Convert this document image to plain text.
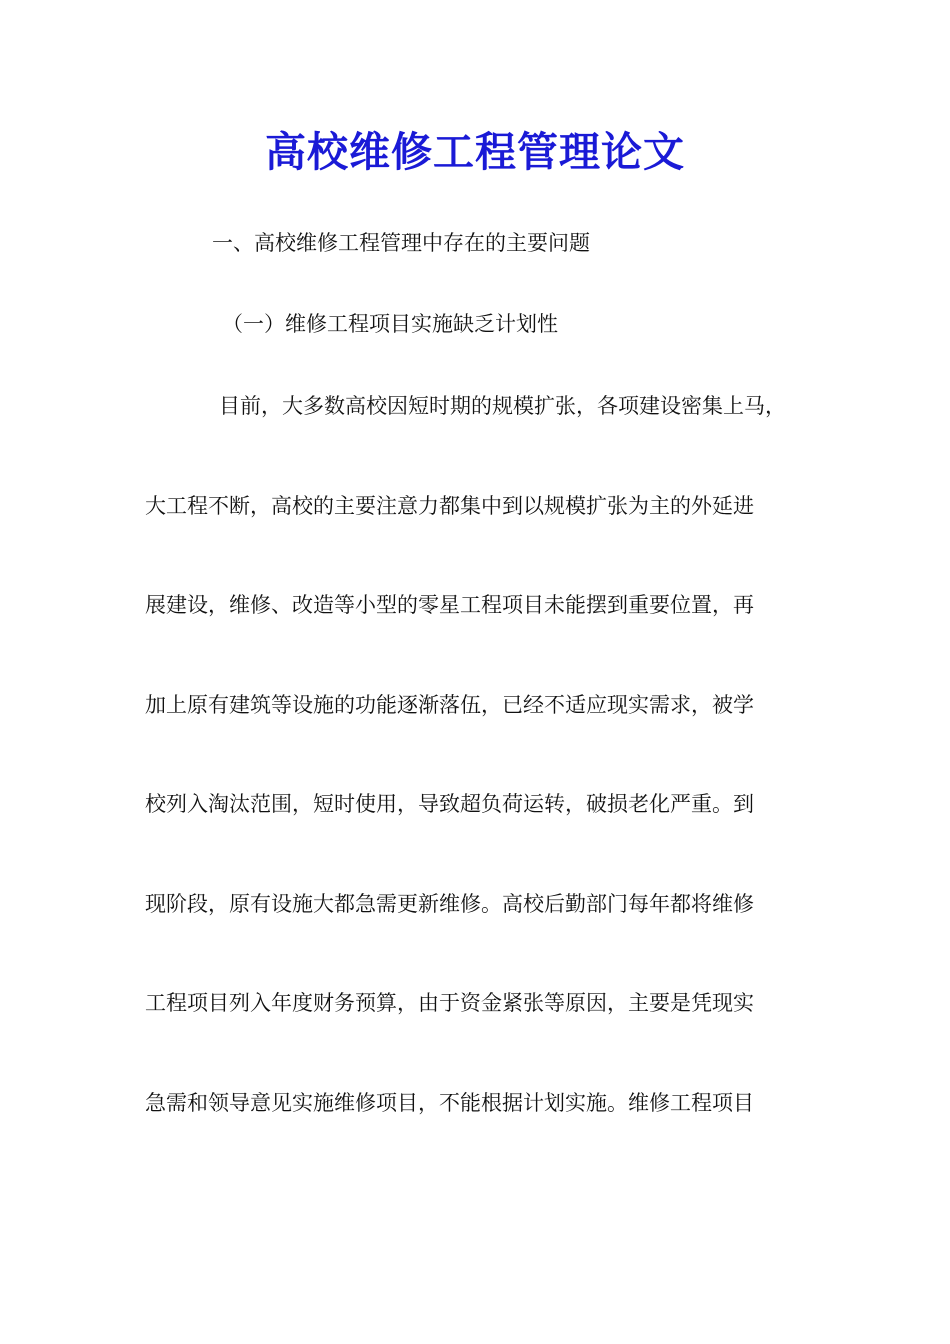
高校维修工程管理论文
一、高校维修工程管理中存在的主要问题
（一）维修工程项目实施缺乏计划性
目前，大多数高校因短时期的规模扩张，各项建设密集上马，
大工程不断，高校的主要注意力都集中到以规模扩张为主的外延进
展建设，维修、改造等小型的零星工程项目未能摆到重要位置，再
加上原有建筑等设施的功能逐渐落伍，已经不适应现实需求，被学
校列入淘汰范围，短时使用，导致超负荷运转，破损老化严重。到
现阶段，原有设施大都急需更新维修。高校后勤部门每年都将维修
工程项目列入年度财务预算，由于资金紧张等原因，主要是凭现实
急需和领导意见实施维修项目，不能根据计划实施。维修工程项目
